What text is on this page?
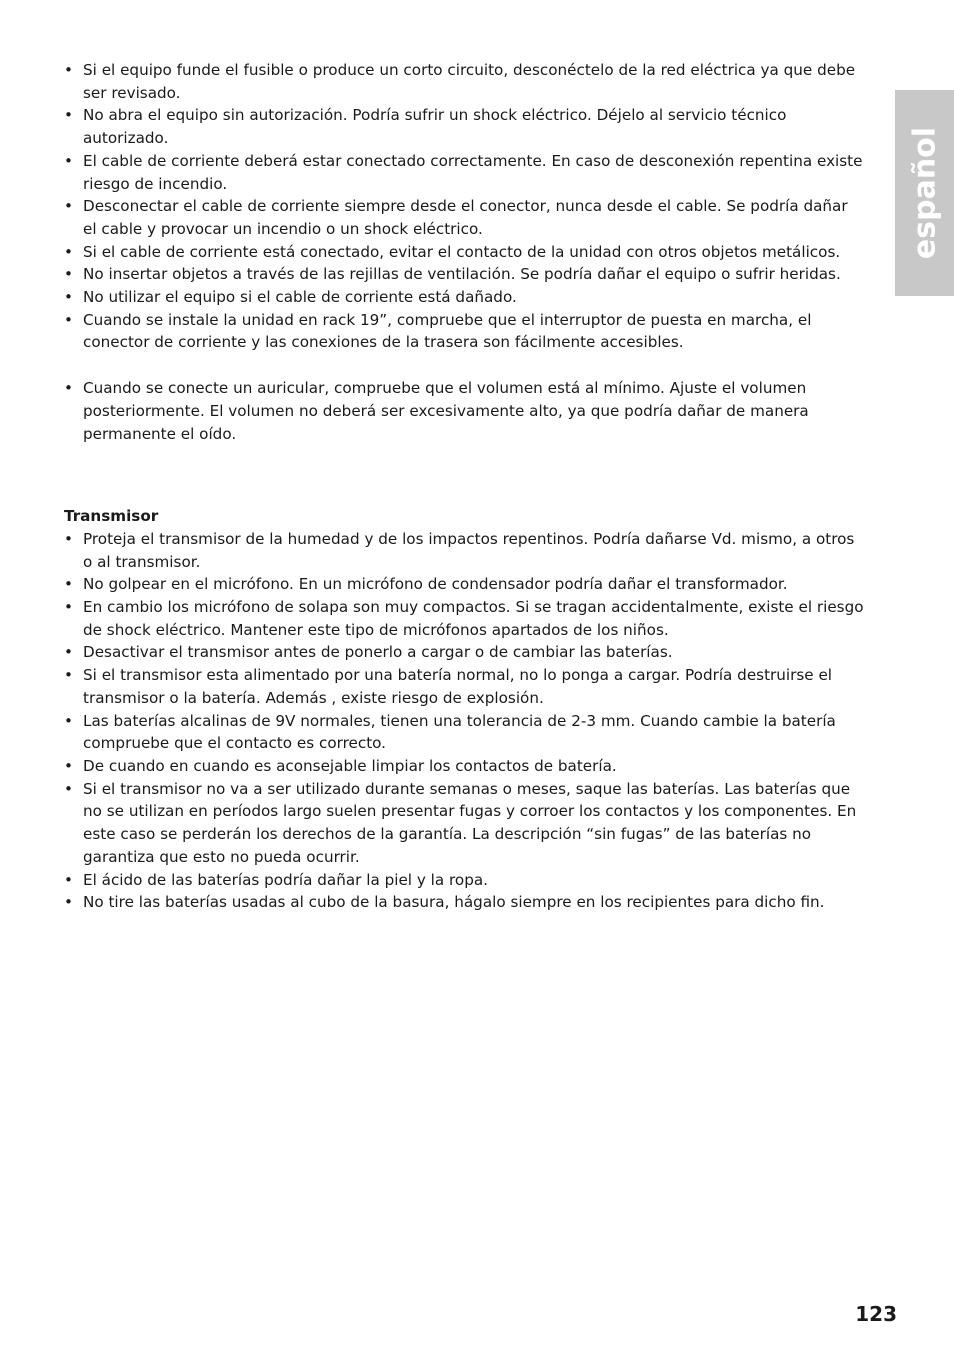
español
• Si el equipo funde el fusible o produce un corto circuito, desconéctelo de la red eléctrica ya que debe ser revisado.
• No abra el equipo sin autorización. Podría sufrir un shock eléctrico. Déjelo al servicio técnico autorizado.
• El cable de corriente deberá estar conectado correctamente. En caso de desconexión repentina existe riesgo de incendio.
• Desconectar el cable de corriente siempre desde el conector, nunca desde el cable. Se podría dañar el cable y provocar un incendio o un shock eléctrico.
• Si el cable de corriente está conectado, evitar el contacto de la unidad con otros objetos metálicos.
• No insertar objetos a través de las rejillas de ventilación. Se podría dañar el equipo o sufrir heridas.
• No utilizar el equipo si el cable de corriente está dañado.
• Cuando se instale la unidad en rack 19”, compruebe que el interruptor de puesta en marcha, el conector de corriente y las conexiones de la trasera son fácilmente accesibles.
• Cuando se conecte un auricular, compruebe que el volumen está al mínimo. Ajuste el volumen posteriormente. El volumen no deberá ser excesivamente alto, ya que podría dañar de manera permanente el oído.

Transmisor

• Proteja el transmisor de la humedad y de los impactos repentinos. Podría dañarse Vd. mismo, a otros o al transmisor.
• No golpear en el micrófono. En un micrófono de condensador podría dañar el transformador.
• En cambio los micrófono de solapa son muy compactos. Si se tragan accidentalmente, existe el riesgo de shock eléctrico. Mantener este tipo de micrófonos apartados de los niños.
• Desactivar el transmisor antes de ponerlo a cargar o de cambiar las baterías.
• Si el transmisor esta alimentado por una batería normal, no lo ponga a cargar. Podría destruirse el transmisor o la batería. Además , existe riesgo de explosión.
• Las baterías alcalinas de 9V normales, tienen una tolerancia de 2-3 mm. Cuando cambie la batería compruebe que el contacto es correcto.
• De cuando en cuando es aconsejable limpiar los contactos de batería.
• Si el transmisor no va a ser utilizado durante semanas o meses, saque las baterías. Las baterías que no se utilizan en períodos largo suelen presentar fugas y corroer los contactos y los componentes. En este caso se perderán los derechos de la garantía. La descripción “sin fugas” de las baterías no garantiza que esto no pueda ocurrir.
• El ácido de las baterías podría dañar la piel y la ropa.
• No tire las baterías usadas al cubo de la basura, hágalo siempre en los recipientes para dicho fin.
123
